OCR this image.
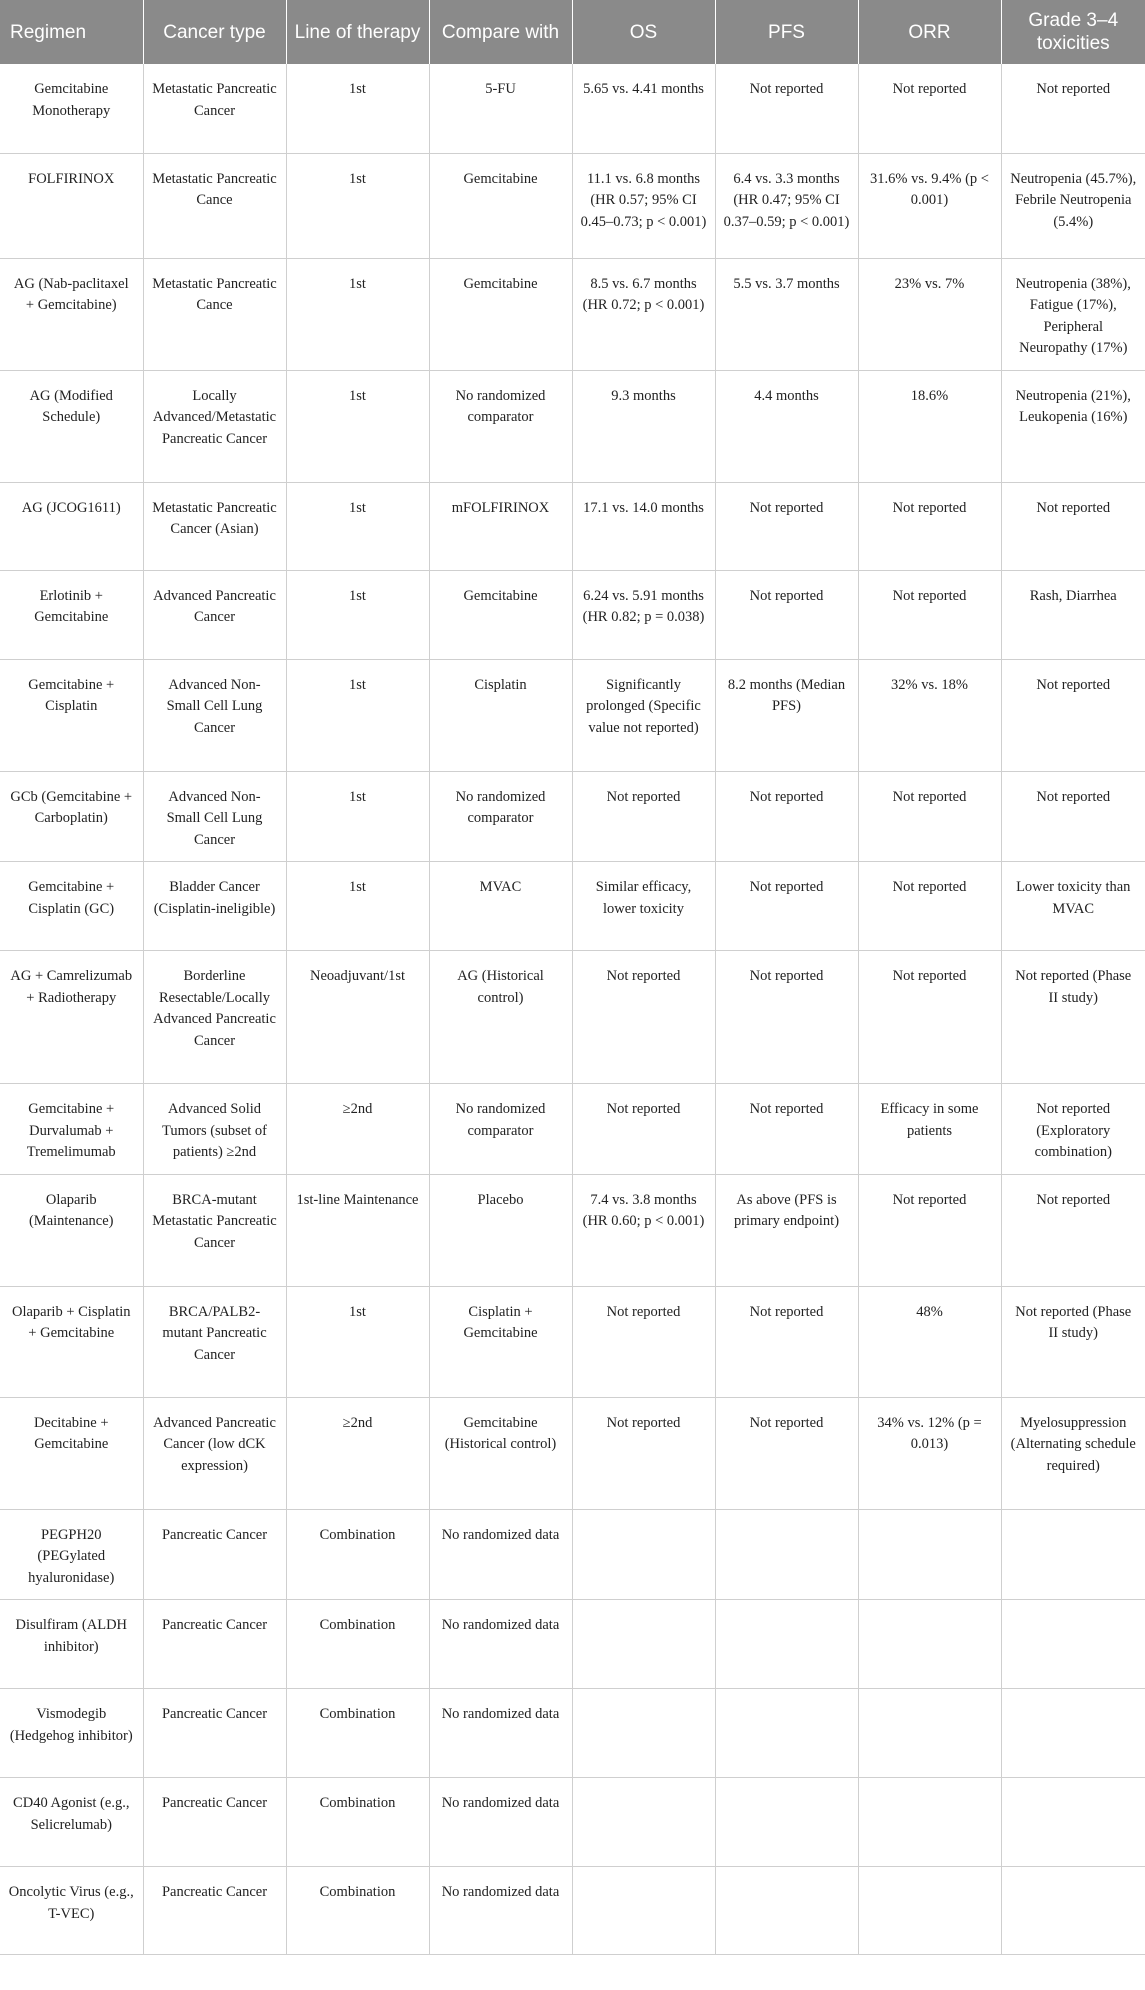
Regimen	Cancer type	Line of therapy	Compare with	OS	PFS	ORR	Grade 3–4 toxicities
Gemcitabine Monotherapy	Metastatic Pancreatic Cancer	1st	5-FU	5.65 vs. 4.41 months	Not reported	Not reported	Not reported
FOLFIRINOX	Metastatic Pancreatic Cance	1st	Gemcitabine	11.1 vs. 6.8 months (HR 0.57; 95% CI 0.45–0.73; p < 0.001)	6.4 vs. 3.3 months (HR 0.47; 95% CI 0.37–0.59; p < 0.001)	31.6% vs. 9.4% (p < 0.001)	Neutropenia (45.7%), Febrile Neutropenia (5.4%)
AG (Nab-paclitaxel + Gemcitabine)	Metastatic Pancreatic Cance	1st	Gemcitabine	8.5 vs. 6.7 months (HR 0.72; p < 0.001)	5.5 vs. 3.7 months	23% vs. 7%	Neutropenia (38%), Fatigue (17%), Peripheral Neuropathy (17%)
AG (Modified Schedule)	Locally Advanced/Metastatic Pancreatic Cancer	1st	No randomized comparator	9.3 months	4.4 months	18.6%	Neutropenia (21%), Leukopenia (16%)
AG (JCOG1611)	Metastatic Pancreatic Cancer (Asian)	1st	mFOLFIRINOX	17.1 vs. 14.0 months	Not reported	Not reported	Not reported
Erlotinib + Gemcitabine	Advanced Pancreatic Cancer	1st	Gemcitabine	6.24 vs. 5.91 months (HR 0.82; p = 0.038)	Not reported	Not reported	Rash, Diarrhea
Gemcitabine + Cisplatin	Advanced Non-Small Cell Lung Cancer	1st	Cisplatin	Significantly prolonged (Specific value not reported)	8.2 months (Median PFS)	32% vs. 18%	Not reported
GCb (Gemcitabine + Carboplatin)	Advanced Non-Small Cell Lung Cancer	1st	No randomized comparator	Not reported	Not reported	Not reported	Not reported
Gemcitabine + Cisplatin (GC)	Bladder Cancer (Cisplatin-ineligible)	1st	MVAC	Similar efficacy, lower toxicity	Not reported	Not reported	Lower toxicity than MVAC
AG + Camrelizumab + Radiotherapy	Borderline Resectable/Locally Advanced Pancreatic Cancer	Neoadjuvant/1st	AG (Historical control)	Not reported	Not reported	Not reported	Not reported (Phase II study)
Gemcitabine + Durvalumab + Tremelimumab	Advanced Solid Tumors (subset of patients) ≥2nd	≥2nd	No randomized comparator	Not reported	Not reported	Efficacy in some patients	Not reported (Exploratory combination)
Olaparib (Maintenance)	BRCA-mutant Metastatic Pancreatic Cancer	1st-line Maintenance	Placebo	7.4 vs. 3.8 months (HR 0.60; p < 0.001)	As above (PFS is primary endpoint)	Not reported	Not reported
Olaparib + Cisplatin + Gemcitabine	BRCA/PALB2-mutant Pancreatic Cancer	1st	Cisplatin + Gemcitabine	Not reported	Not reported	48%	Not reported (Phase II study)
Decitabine + Gemcitabine	Advanced Pancreatic Cancer (low dCK expression)	≥2nd	Gemcitabine (Historical control)	Not reported	Not reported	34% vs. 12% (p = 0.013)	Myelosuppression (Alternating schedule required)
PEGPH20 (PEGylated hyaluronidase)	Pancreatic Cancer	Combination	No randomized data				
Disulfiram (ALDH inhibitor)	Pancreatic Cancer	Combination	No randomized data				
Vismodegib (Hedgehog inhibitor)	Pancreatic Cancer	Combination	No randomized data				
CD40 Agonist (e.g., Selicrelumab)	Pancreatic Cancer	Combination	No randomized data				
Oncolytic Virus (e.g., T-VEC)	Pancreatic Cancer	Combination	No randomized data				
